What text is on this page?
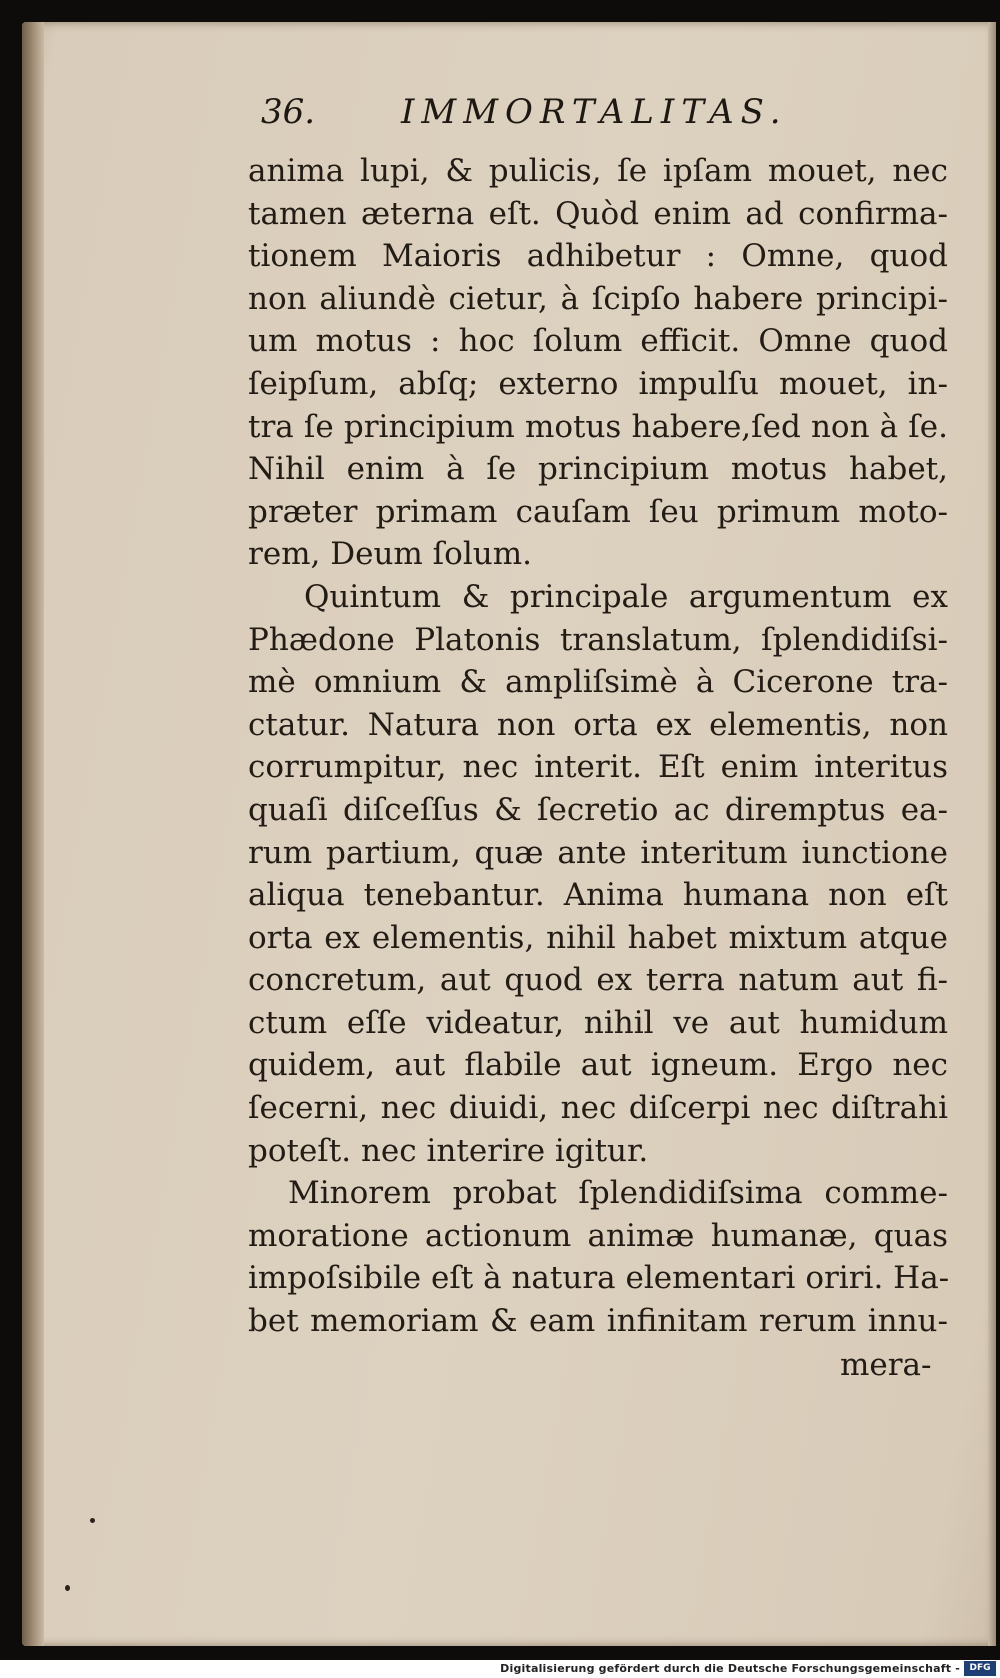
36.	IMMORTALITAS.
anima lupi, & pulicis, ſe ipſam mouet, nec
tamen æterna eſt. Quòd enim ad confirma-
tionem Maioris adhibetur : Omne, quod
non aliundè cietur, à ſcipſo habere principi-
um motus : hoc ſolum efficit. Omne quod
ſeipſum, abſq; externo impulſu mouet, in-
tra ſe principium motus habere,ſed non à ſe.
Nihil enim à ſe principium motus habet,
præter primam cauſam ſeu primum moto-
rem, Deum ſolum.
Quintum & principale argumentum ex
Phædone Platonis translatum, ſplendidiſsi-
mè omnium & ampliſsimè à Cicerone tra-
ctatur. Natura non orta ex elementis, non
corrumpitur, nec interit. Eſt enim interitus
quaſi diſceſſus & ſecretio ac diremptus ea-
rum partium, quæ ante interitum iunctione
aliqua tenebantur. Anima humana non eſt
orta ex elementis, nihil habet mixtum atque
concretum, aut quod ex terra natum aut fi-
ctum eſſe videatur, nihil ve aut humidum
quidem, aut flabile aut igneum. Ergo nec
ſecerni, nec diuidi, nec diſcerpi nec diſtrahi
poteſt. nec interire igitur.
Minorem probat ſplendidiſsima comme-
moratione actionum animæ humanæ, quas
impoſsibile eſt à natura elementari oriri. Ha-
bet memoriam & eam infinitam rerum innu-
mera-
Digitalisierung gefördert durch die Deutsche Forschungsgemeinschaft -	DFG
